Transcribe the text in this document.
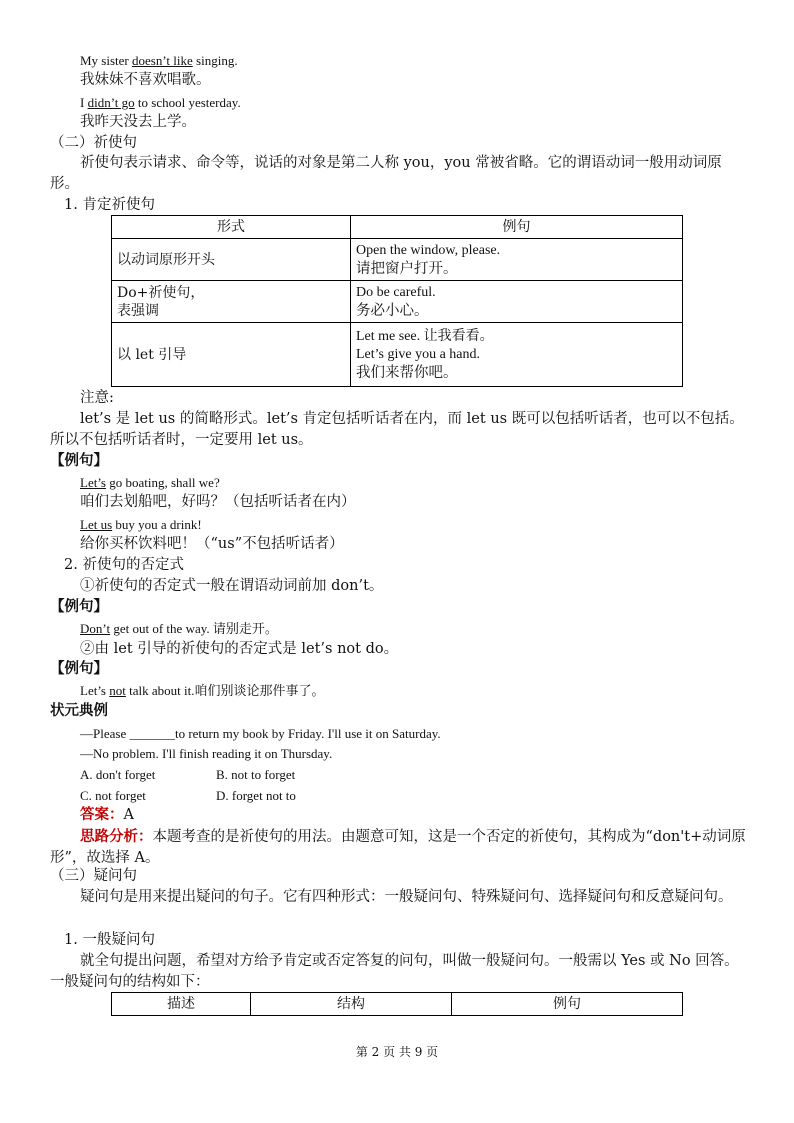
My sister doesn’t like singing.
我妹妹不喜欢唱歌。
I didn’t go to school yesterday.
我昨天没去上学。
（二）祈使句
祈使句表示请求、命令等，说话的对象是第二人称 you，you 常被省略。它的谓语动词一般用动词原形。
1. 肯定祈使句
形式	例句

以动词原形开头	Open the window, please.
请把窗户打开。

Do+祈使句，
表强调	Do be careful.
务必小心。

以 let 引导	Let me see. 让我看看。
Let’s give you a hand.
我们来帮你吧。
注意:
let’s 是 let us 的简略形式。let’s 肯定包括听话者在内，而 let us 既可以包括听话者，也可以不包括。所以不包括听话者时，一定要用 let us。
【例句】
Let’s go boating, shall we?
咱们去划船吧，好吗？（包括听话者在内）
Let us buy you a drink!
给你买杯饮料吧！（“us”不包括听话者）
2. 祈使句的否定式
①祈使句的否定式一般在谓语动词前加 don’t。
【例句】
Don’t get out of the way. 请别走开。
②由 let 引导的祈使句的否定式是 let’s not do。
【例句】
Let’s not talk about it.咱们别谈论那件事了。
状元典例
—Please _______to return my book by Friday. I'll use it on Saturday.
—No problem. I'll finish reading it on Thursday.
A. don't forget	B. not to forget
C. not forget	D. forget not to
答案：A
思路分析：本题考查的是祈使句的用法。由题意可知，这是一个否定的祈使句，其构成为“don't+动词原形”，故选择 A。
（三）疑问句
疑问句是用来提出疑问的句子。它有四种形式：一般疑问句、特殊疑问句、选择疑问句和反意疑问句。
1. 一般疑问句
就全句提出问题，希望对方给予肯定或否定答复的问句，叫做一般疑问句。一般需以 Yes 或 No 回答。一般疑问句的结构如下：
描述	结构	例句
第 2 页 共 9 页
